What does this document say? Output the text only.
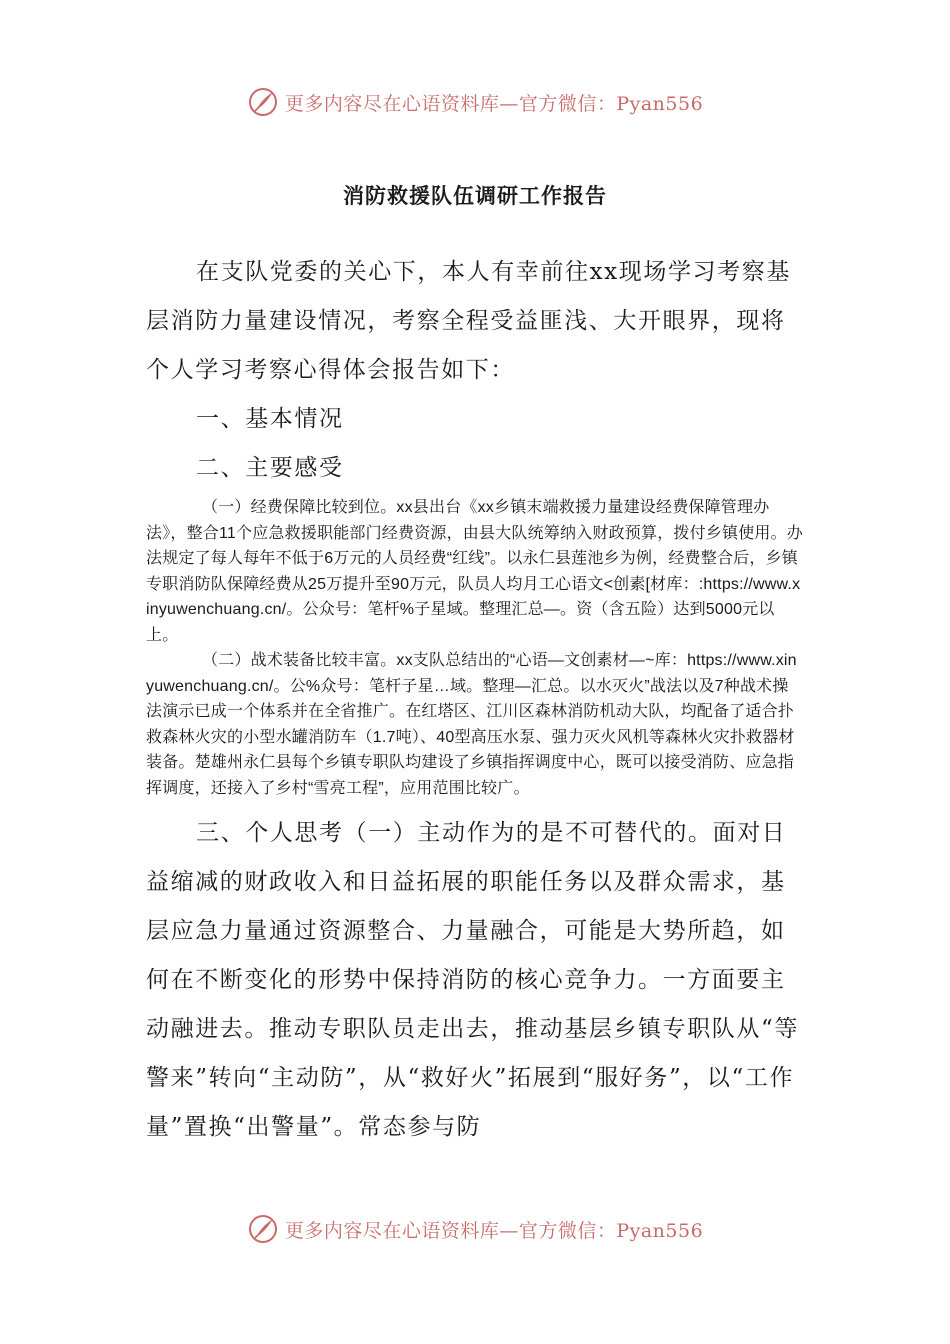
更多内容尽在心语资料库—官方微信：Pyan556
消防救援队伍调研工作报告

在支队党委的关心下，本人有幸前往xx现场学习考察基层消防力量建设情况，考察全程受益匪浅、大开眼界，现将个人学习考察心得体会报告如下：

一、基本情况

二、主要感受

（一）经费保障比较到位。xx县出台《xx乡镇末端救援力量建设经费保障管理办法》，整合11个应急救援职能部门经费资源，由县大队统筹纳入财政预算，拨付乡镇使用。办法规定了每人每年不低于6万元的人员经费“红线”。以永仁县莲池乡为例，经费整合后，乡镇专职消防队保障经费从25万提升至90万元，队员人均月工心语文<创素[材库：:https://www.xinyuwenchuang.cn/。公众号：笔杆%子星域。整理汇总—。资（含五险）达到5000元以上。

（二）战术装备比较丰富。xx支队总结出的“心语—文创素材—~库：https://www.xinyuwenchuang.cn/。公%众号：笔杆子星…域。整理—汇总。以水灭火”战法以及7种战术操法演示已成一个体系并在全省推广。在红塔区、江川区森林消防机动大队，均配备了适合扑救森林火灾的小型水罐消防车（1.7吨）、40型高压水泵、强力灭火风机等森林火灾扑救器材装备。楚雄州永仁县每个乡镇专职队均建设了乡镇指挥调度中心，既可以接受消防、应急指挥调度，还接入了乡村“雪亮工程”，应用范围比较广。

三、个人思考（一）主动作为的是不可替代的。面对日益缩减的财政收入和日益拓展的职能任务以及群众需求，基层应急力量通过资源整合、力量融合，可能是大势所趋，如何在不断变化的形势中保持消防的核心竞争力。一方面要主动融进去。推动专职队员走出去，推动基层乡镇专职队从“等警来”转向“主动防”，从“救好火”拓展到“服好务”，以“工作量”置换“出警量”。常态参与防

更多内容尽在心语资料库—官方微信：Pyan556
